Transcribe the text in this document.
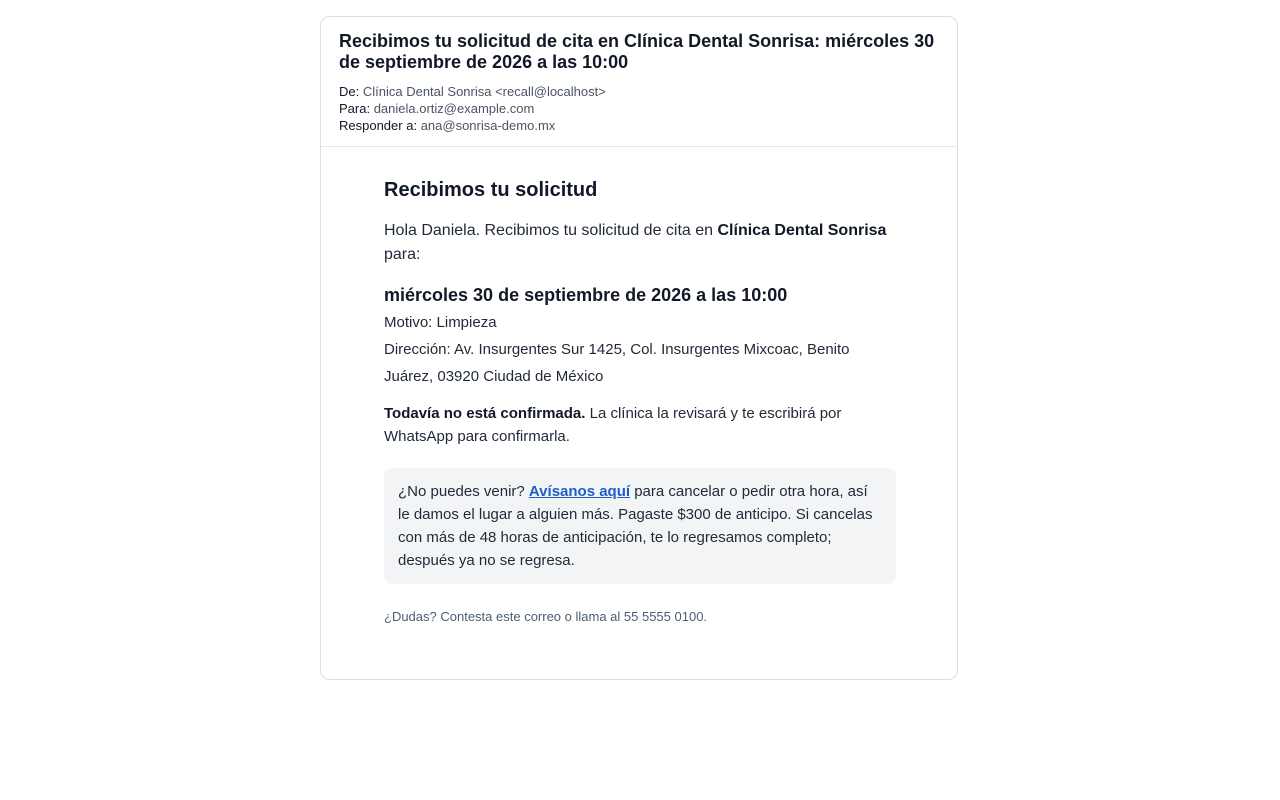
Recibimos tu solicitud de cita en Clínica Dental Sonrisa: miércoles 30 de septiembre de 2026 a las 10:00
De: Clínica Dental Sonrisa <recall@localhost>
Para: daniela.ortiz@example.com
Responder a: ana@sonrisa-demo.mx
Recibimos tu solicitud
Hola Daniela. Recibimos tu solicitud de cita en Clínica Dental Sonrisa para:
miércoles 30 de septiembre de 2026 a las 10:00
Motivo: Limpieza
Dirección: Av. Insurgentes Sur 1425, Col. Insurgentes Mixcoac, Benito Juárez, 03920 Ciudad de México
Todavía no está confirmada. La clínica la revisará y te escribirá por WhatsApp para confirmarla.
¿No puedes venir? Avísanos aquí para cancelar o pedir otra hora, así le damos el lugar a alguien más. Pagaste $300 de anticipo. Si cancelas con más de 48 horas de anticipación, te lo regresamos completo; después ya no se regresa.
¿Dudas? Contesta este correo o llama al 55 5555 0100.
